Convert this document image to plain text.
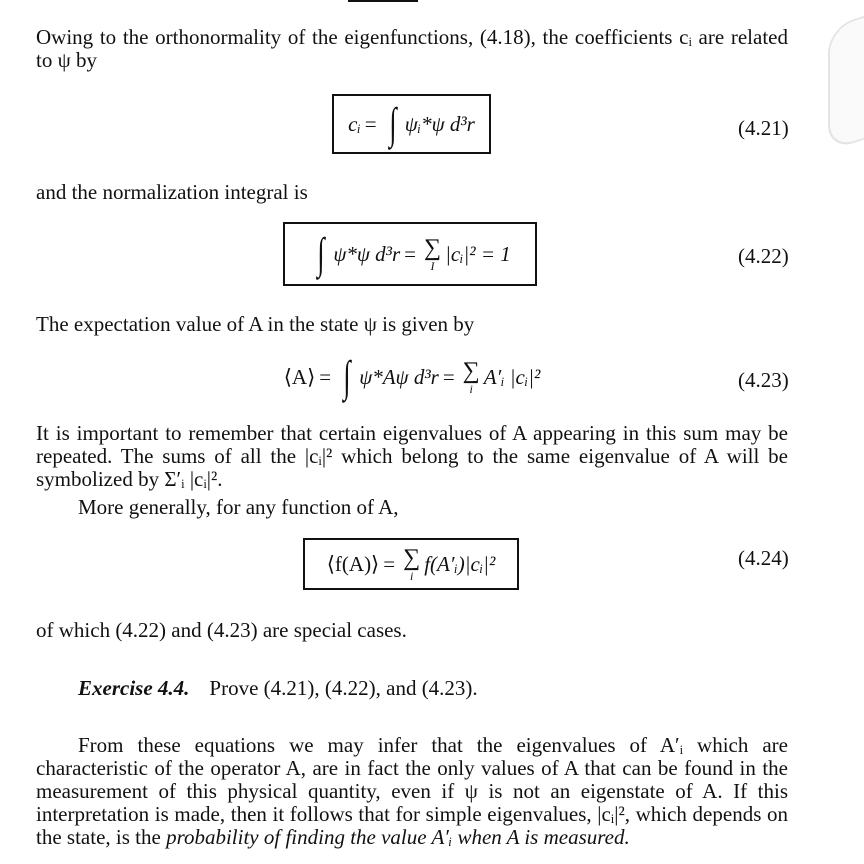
Owing to the orthonormality of the eigenfunctions, (4.18), the coefficients cᵢ are related to ψ by
cᵢ = ∫ ψᵢ*ψ d³r	(4.21)
and the normalization integral is
∫ ψ*ψ d³r = ∑
I
|cᵢ|² = 1	(4.22)
The expectation value of A in the state ψ is given by
⟨A⟩ = ∫ ψ*Aψ d³r = ∑
i
A′ᵢ |cᵢ|²	(4.23)
It is important to remember that certain eigenvalues of A appearing in this sum may be repeated. The sums of all the |cᵢ|² which belong to the same eigenvalue of A will be symbolized by Σ′ᵢ |cᵢ|².
More generally, for any function of A,
⟨f(A)⟩ = ∑
i
f(A′ᵢ)|cᵢ|²	(4.24)
of which (4.22) and (4.23) are special cases.
Exercise 4.4. Prove (4.21), (4.22), and (4.23).
From these equations we may infer that the eigenvalues of A′ᵢ which are characteristic of the operator A, are in fact the only values of A that can be found in the measurement of this physical quantity, even if ψ is not an eigenstate of A. If this interpretation is made, then it follows that for simple eigenvalues, |cᵢ|², which depends on the state, is the probability of finding the value A′ᵢ when A is measured.
